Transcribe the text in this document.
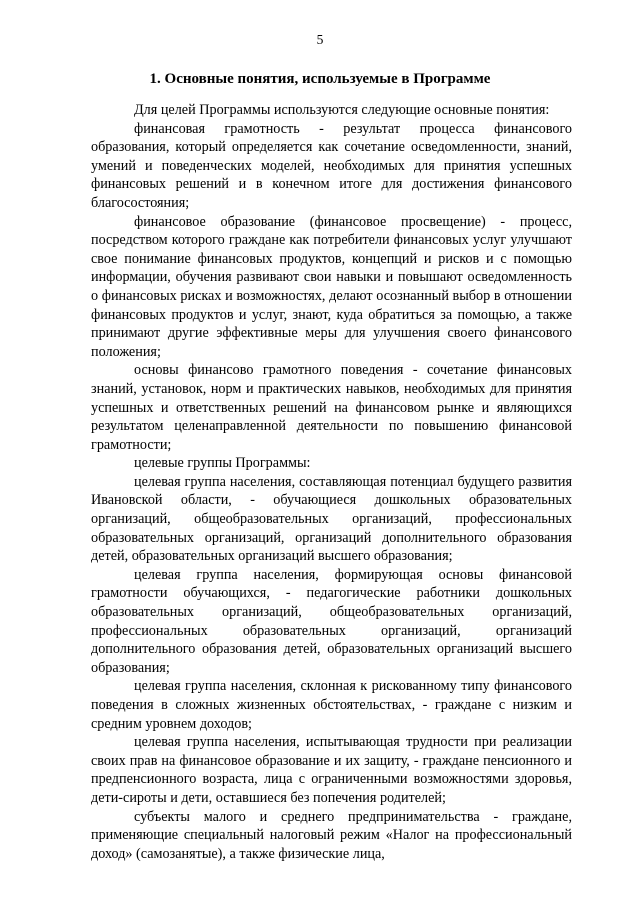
5
1. Основные понятия, используемые в Программе

Для целей Программы используются следующие основные понятия:

финансовая грамотность - результат процесса финансового образования, который определяется как сочетание осведомленности, знаний, умений и поведенческих моделей, необходимых для принятия успешных финансовых решений и в конечном итоге для достижения финансового благосостояния;

финансовое образование (финансовое просвещение) - процесс, посредством которого граждане как потребители финансовых услуг улучшают свое понимание финансовых продуктов, концепций и рисков и с помощью информации, обучения развивают свои навыки и повышают осведомленность о финансовых рисках и возможностях, делают осознанный выбор в отношении финансовых продуктов и услуг, знают, куда обратиться за помощью, а также принимают другие эффективные меры для улучшения своего финансового положения;

основы финансово грамотного поведения - сочетание финансовых знаний, установок, норм и практических навыков, необходимых для принятия успешных и ответственных решений на финансовом рынке и являющихся результатом целенаправленной деятельности по повышению финансовой грамотности;

целевые группы Программы:

целевая группа населения, составляющая потенциал будущего развития Ивановской области, - обучающиеся дошкольных образовательных организаций, общеобразовательных организаций, профессиональных образовательных организаций, организаций дополнительного образования детей, образовательных организаций высшего образования;

целевая группа населения, формирующая основы финансовой грамотности обучающихся, - педагогические работники дошкольных образовательных организаций, общеобразовательных организаций, профессиональных образовательных организаций, организаций дополнительного образования детей, образовательных организаций высшего образования;

целевая группа населения, склонная к рискованному типу финансового поведения в сложных жизненных обстоятельствах, - граждане с низким и средним уровнем доходов;

целевая группа населения, испытывающая трудности при реализации своих прав на финансовое образование и их защиту, - граждане пенсионного и предпенсионного возраста, лица с ограниченными возможностями здоровья, дети-сироты и дети, оставшиеся без попечения родителей;

субъекты малого и среднего предпринимательства - граждане, применяющие специальный налоговый режим «Налог на профессиональный доход» (самозанятые), а также физические лица,
